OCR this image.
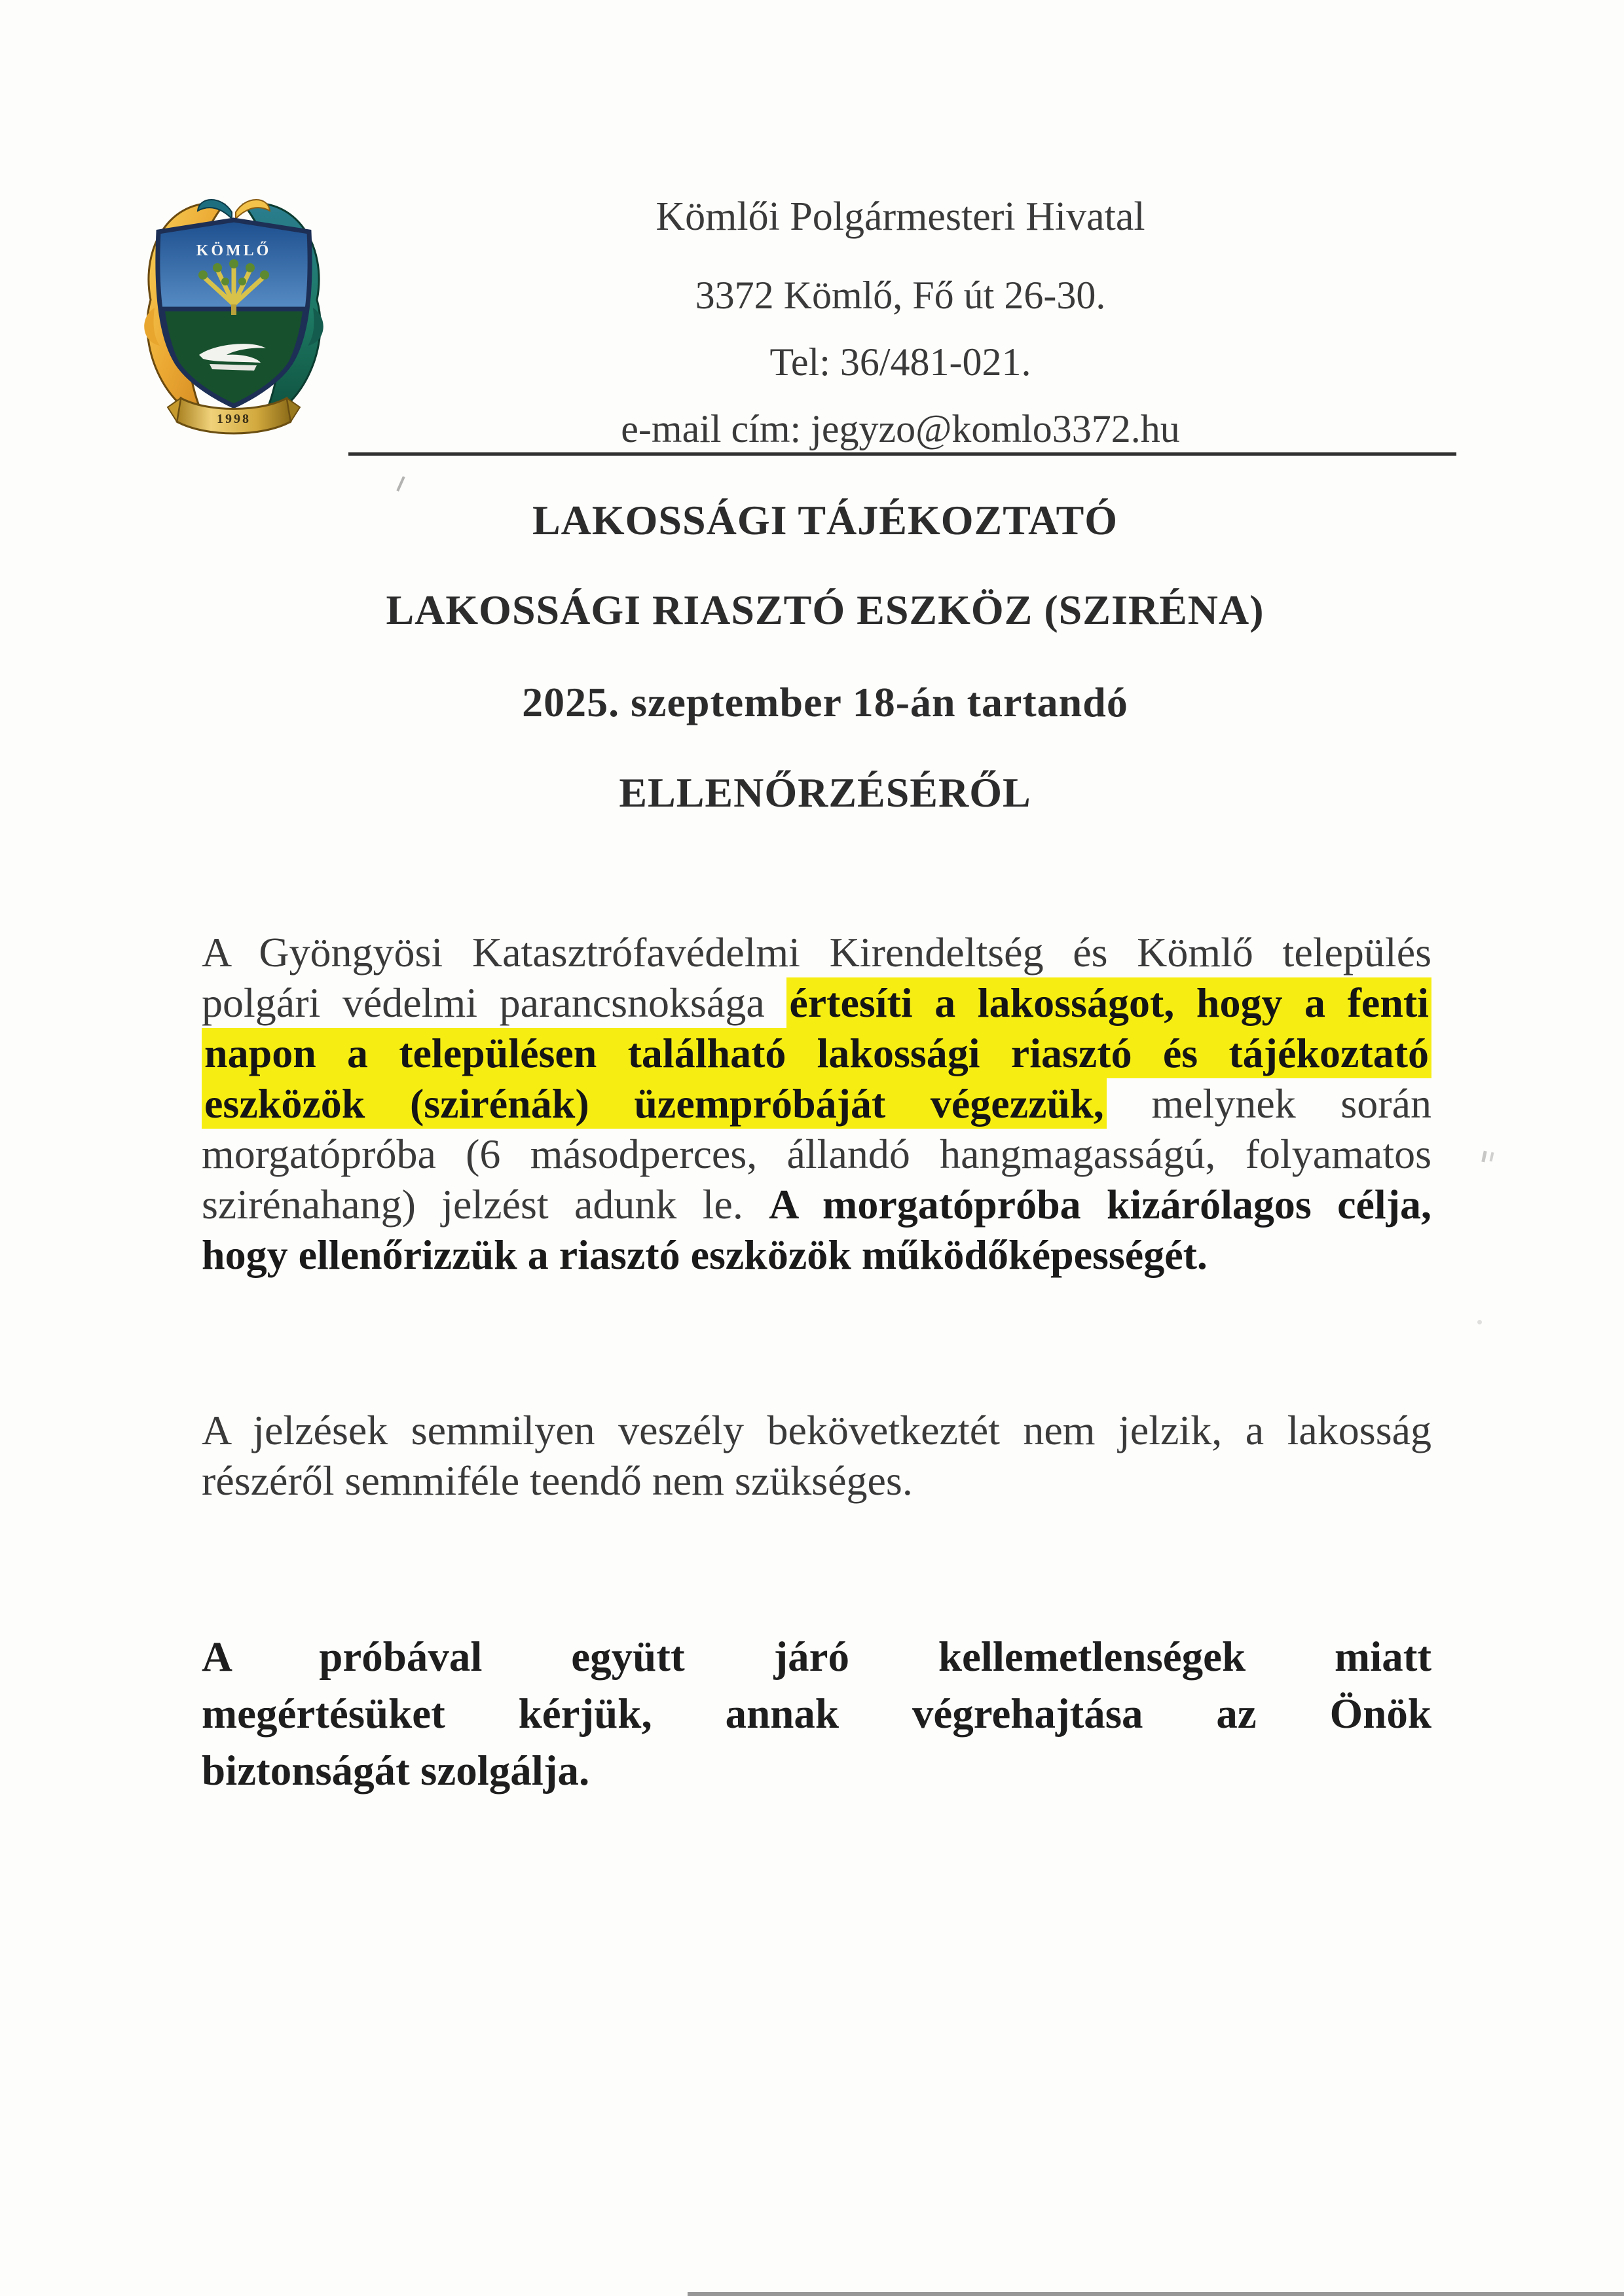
KÖMLŐ
1998
Kömlői Polgármesteri Hivatal
3372 Kömlő, Fő út 26-30.
Tel: 36/481-021.
e-mail cím: jegyzo@komlo3372.hu
LAKOSSÁGI TÁJÉKOZTATÓ
LAKOSSÁGI RIASZTÓ ESZKÖZ (SZIRÉNA)
2025. szeptember 18-án tartandó
ELLENŐRZÉSÉRŐL
A Gyöngyösi Katasztrófavédelmi Kirendeltség és Kömlő település
polgári védelmi parancsnoksága értesíti a lakosságot, hogy a fenti
napon a településen található lakossági riasztó és tájékoztató
eszközök (szirénák) üzempróbáját végezzük, melynek során
morgatópróba (6 másodperces, állandó hangmagasságú, folyamatos
szirénahang) jelzést adunk le. A morgatópróba kizárólagos célja,
hogy ellenőrizzük a riasztó eszközök működőképességét.
A jelzések semmilyen veszély bekövetkeztét nem jelzik, a lakosság
részéről semmiféle teendő nem szükséges.
A próbával együtt járó kellemetlenségek miatt
megértésüket kérjük, annak végrehajtása az Önök
biztonságát szolgálja.
